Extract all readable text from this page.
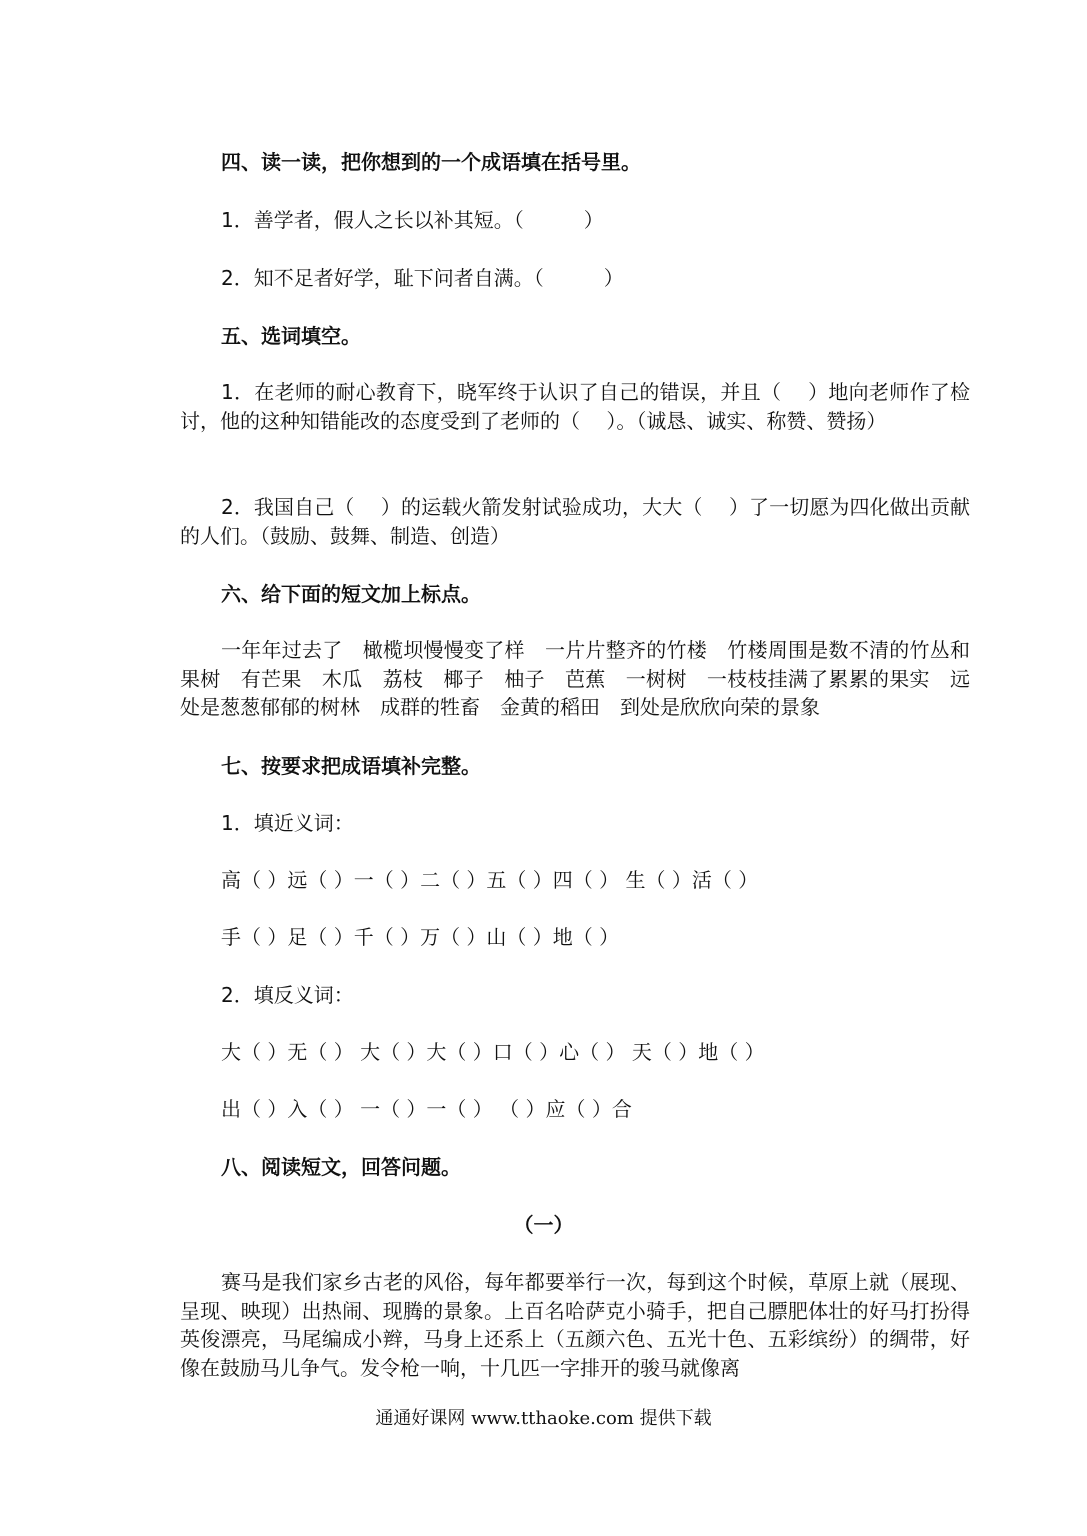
四、读一读，把你想到的一个成语填在括号里。
1．善学者，假人之长以补其短。（　　　）
2．知不足者好学，耻下问者自满。（　　　）
五、选词填空。
1．在老师的耐心教育下，晓军终于认识了自己的错误，并且（　 ）地向老师作了检讨，他的这种知错能改的态度受到了老师的（　 ）。（诚恳、诚实、称赞、赞扬）
2．我国自己（　 ）的运载火箭发射试验成功，大大（　 ）了一切愿为四化做出贡献的人们。（鼓励、鼓舞、制造、创造）
六、给下面的短文加上标点。
一年年过去了　橄榄坝慢慢变了样　一片片整齐的竹楼　竹楼周围是数不清的竹丛和果树　有芒果　木瓜　荔枝　椰子　柚子　芭蕉　一树树　一枝枝挂满了累累的果实　远处是葱葱郁郁的树林　成群的牲畜　金黄的稻田　到处是欣欣向荣的景象
七、按要求把成语填补完整。
1．填近义词：
高（ ）远（ ）一（ ）二（ ）五（ ）四（ ） 生（ ）活（ ）
手（ ）足（ ）千（ ）万（ ）山（ ）地（ ）
2．填反义词：
大（ ）无（ ） 大（ ）大（ ）口（ ）心（ ） 天（ ）地（ ）
出（ ）入（ ） 一（ ）一（ ） （ ）应（ ）合
八、阅读短文，回答问题。
（一）
赛马是我们家乡古老的风俗，每年都要举行一次，每到这个时候，草原上就（展现、呈现、映现）出热闹、现腾的景象。上百名哈萨克小骑手，把自己膘肥体壮的好马打扮得英俊漂亮，马尾编成小辫，马身上还系上（五颜六色、五光十色、五彩缤纷）的绸带，好像在鼓励马儿争气。发令枪一响，十几匹一字排开的骏马就像离
通通好课网 www.tthaoke.com 提供下载
